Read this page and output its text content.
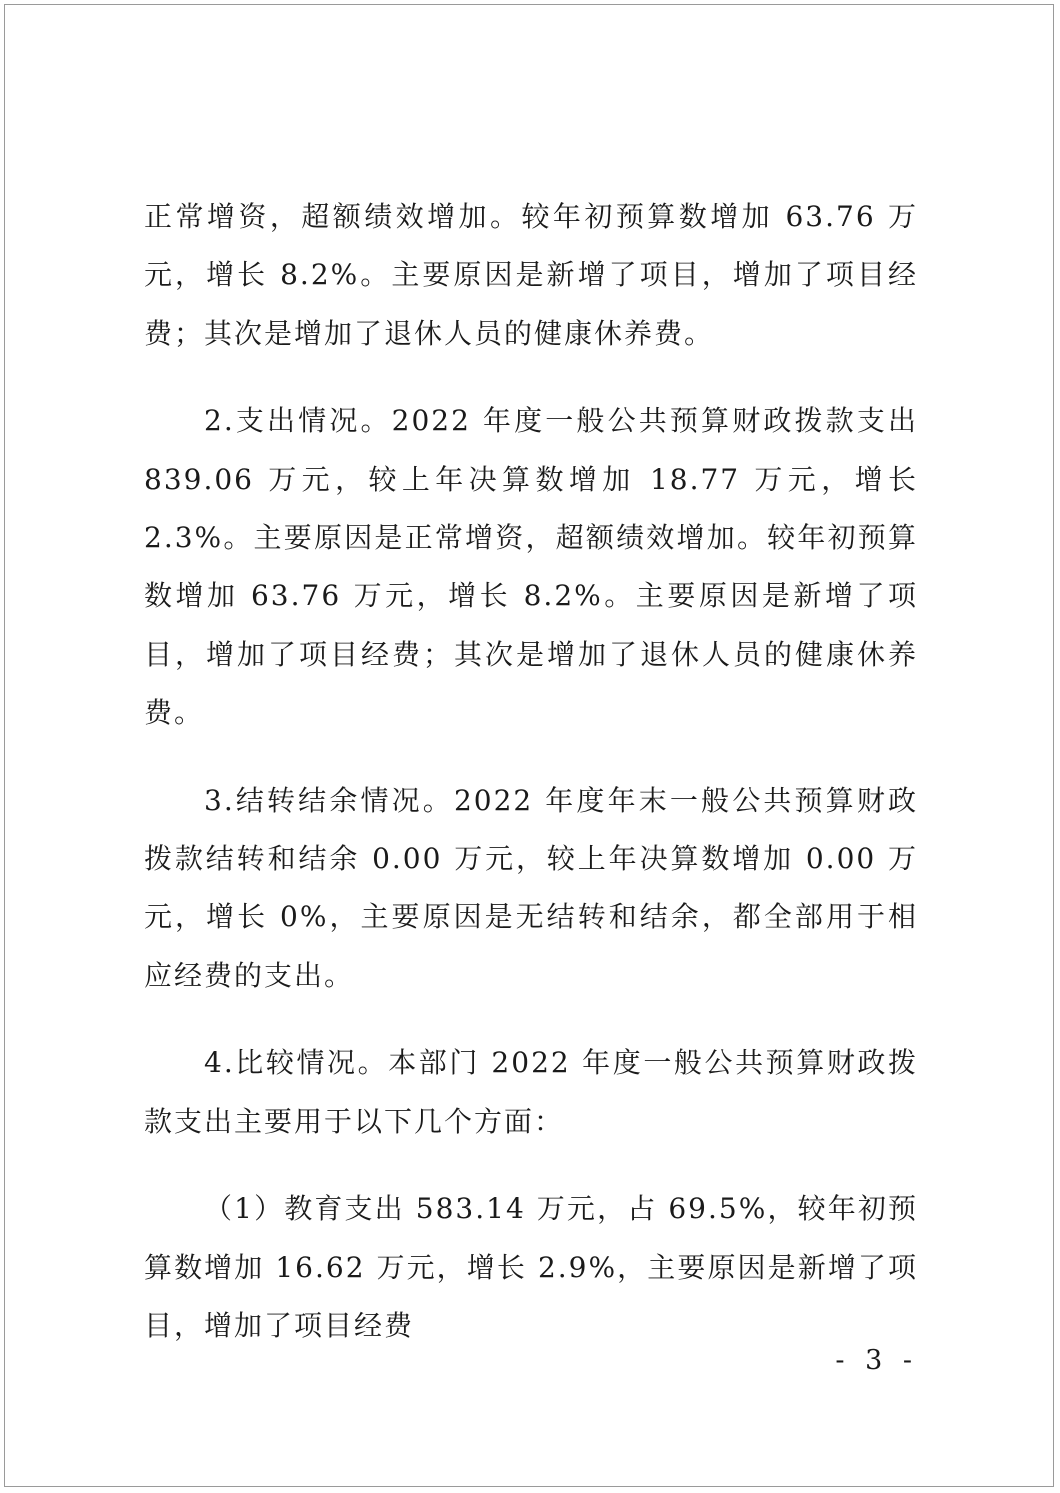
正常增资，超额绩效增加。较年初预算数增加 63.76 万元，增长 8.2%。主要原因是新增了项目，增加了项目经费；其次是增加了退休人员的健康休养费。

2.支出情况。2022 年度一般公共预算财政拨款支出 839.06 万元，较上年决算数增加 18.77 万元，增长 2.3%。主要原因是正常增资，超额绩效增加。较年初预算数增加 63.76 万元，增长 8.2%。主要原因是新增了项目，增加了项目经费；其次是增加了退休人员的健康休养费。

3.结转结余情况。2022 年度年末一般公共预算财政拨款结转和结余 0.00 万元，较上年决算数增加 0.00 万元，增长 0%，主要原因是无结转和结余，都全部用于相应经费的支出。

4.比较情况。本部门 2022 年度一般公共预算财政拨款支出主要用于以下几个方面：

（1）教育支出 583.14 万元，占 69.5%，较年初预算数增加 16.62 万元，增长 2.9%，主要原因是新增了项目，增加了项目经费

- 3 -
